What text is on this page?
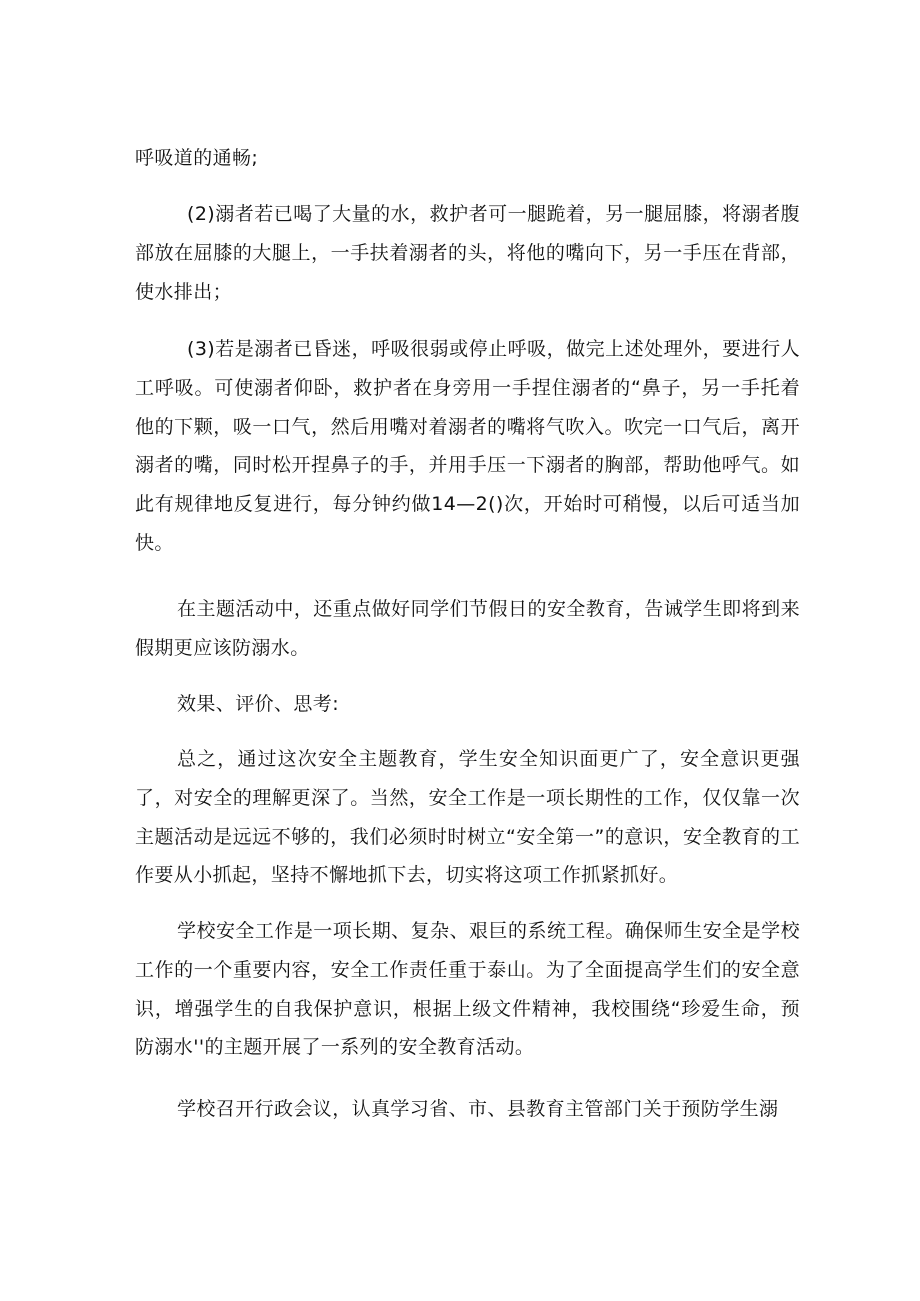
呼吸道的通畅;

(2)溺者若已喝了大量的水，救护者可一腿跪着，另一腿屈膝，将溺者腹部放在屈膝的大腿上，一手扶着溺者的头，将他的嘴向下，另一手压在背部，使水排出；

(3)若是溺者已昏迷，呼吸很弱或停止呼吸，做完上述处理外，要进行人工呼吸。可使溺者仰卧，救护者在身旁用一手捏住溺者的“鼻子，另一手托着他的下颗，吸一口气，然后用嘴对着溺者的嘴将气吹入。吹完一口气后，离开溺者的嘴，同时松开捏鼻子的手，并用手压一下溺者的胸部，帮助他呼气。如此有规律地反复进行，每分钟约做14—2()次，开始时可稍慢，以后可适当加快。

在主题活动中，还重点做好同学们节假日的安全教育，告诫学生即将到来假期更应该防溺水。

效果、评价、思考:

总之，通过这次安全主题教育，学生安全知识面更广了，安全意识更强了，对安全的理解更深了。当然，安全工作是一项长期性的工作，仅仅靠一次主题活动是远远不够的，我们必须时时树立“安全第一”的意识，安全教育的工作要从小抓起，坚持不懈地抓下去，切实将这项工作抓紧抓好。

学校安全工作是一项长期、复杂、艰巨的系统工程。确保师生安全是学校工作的一个重要内容，安全工作责任重于泰山。为了全面提高学生们的安全意识，增强学生的自我保护意识，根据上级文件精神，我校围绕“珍爱生命，预防溺水''的主题开展了一系列的安全教育活动。

学校召开行政会议，认真学习省、市、县教育主管部门关于预防学生溺
